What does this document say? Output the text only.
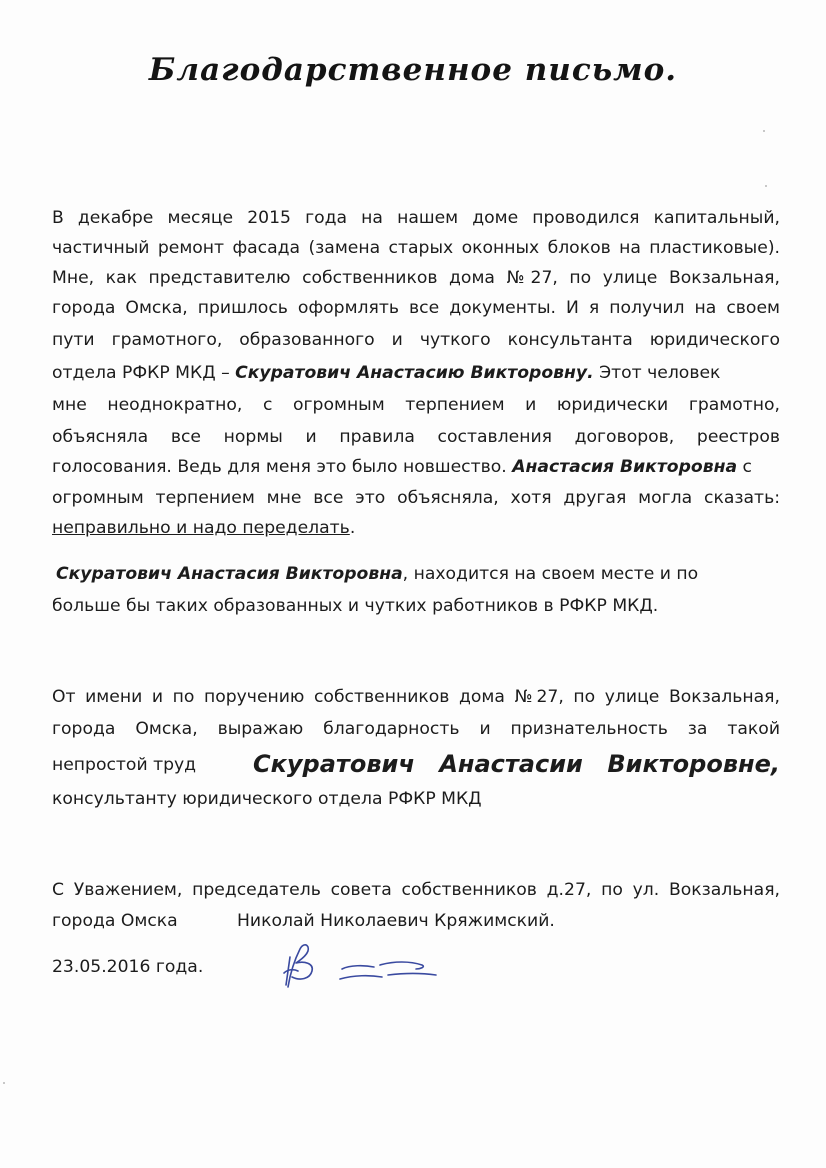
Благодарственное письмо.
В декабре месяце 2015 года на нашем доме проводился капитальный,
частичный ремонт фасада (замена старых оконных блоков на пластиковые).
Мне, как представителю собственников дома №27, по улице Вокзальная,
города Омска, пришлось оформлять все документы. И я получил на своем
пути грамотного, образованного и чуткого консультанта юридического
отдела РФКР МКД – Скуратович Анастасию Викторовну. Этот человек
мне неоднократно, с огромным терпением и юридически грамотно,
объясняла все нормы и правила составления договоров, реестров
голосования. Ведь для меня это было новшество. Анастасия Викторовна с
огромным терпением мне все это объясняла, хотя другая могла сказать:
неправильно и надо переделать.
Скуратович Анастасия Викторовна, находится на своем месте и по
больше бы таких образованных и чутких работников в РФКР МКД.
От имени и по поручению собственников дома №27, по улице Вокзальная,
города Омска, выражаю благодарность и признательность за такой
непростой труд	Скуратович Анастасии Викторовне,
консультанту юридического отдела РФКР МКД
С Уважением, председатель совета собственников д.27, по ул. Вокзальная,
города Омска	Николай Николаевич Кряжимский.
23.05.2016 года.
